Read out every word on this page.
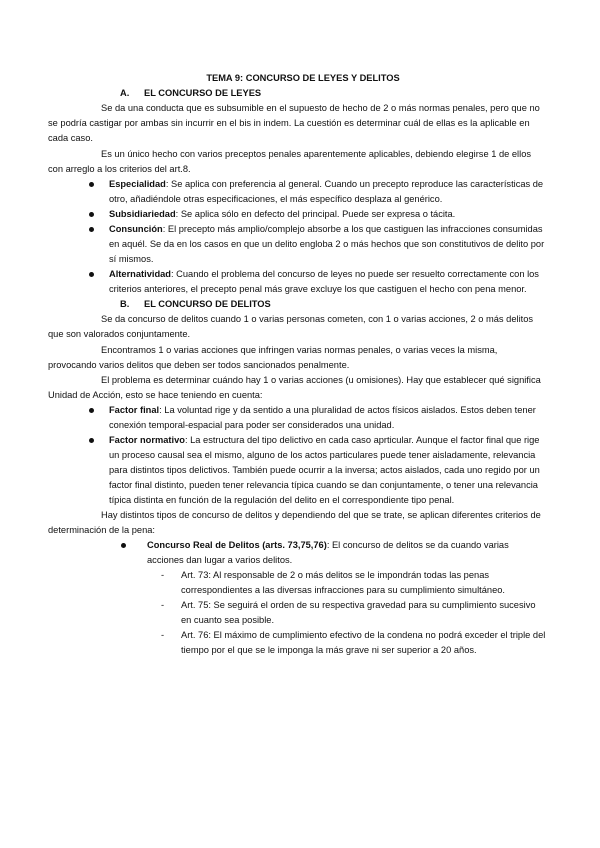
TEMA 9: CONCURSO DE LEYES Y DELITOS

A. EL CONCURSO DE LEYES

Se da una conducta que es subsumible en el supuesto de hecho de 2 o más normas penales, pero que no se podría castigar por ambas sin incurrir en el bis in indem. La cuestión es determinar cuál de ellas es la aplicable en cada caso.

Es un único hecho con varios preceptos penales aparentemente aplicables, debiendo elegirse 1 de ellos con arreglo a los criterios del art.8.

Especialidad: Se aplica con preferencia al general. Cuando un precepto reproduce las características de otro, añadiéndole otras especificaciones, el más específico desplaza al genérico.
Subsidiariedad: Se aplica sólo en defecto del principal. Puede ser expresa o tácita.
Consunción: El precepto más amplio/complejo absorbe a los que castiguen las infracciones consumidas en aquél. Se da en los casos en que un delito engloba 2 o más hechos que son constitutivos de delito por sí mismos.
Alternatividad: Cuando el problema del concurso de leyes no puede ser resuelto correctamente con los criterios anteriores, el precepto penal más grave excluye los que castiguen el hecho con pena menor.

B. EL CONCURSO DE DELITOS

Se da concurso de delitos cuando 1 o varias personas cometen, con 1 o varias acciones, 2 o más delitos que son valorados conjuntamente.

Encontramos 1 o varias acciones que infringen varias normas penales, o varias veces la misma, provocando varios delitos que deben ser todos sancionados penalmente.

El problema es determinar cuándo hay 1 o varias acciones (u omisiones). Hay que establecer qué significa Unidad de Acción, esto se hace teniendo en cuenta:

Factor final: La voluntad rige y da sentido a una pluralidad de actos físicos aislados. Estos deben tener conexión temporal-espacial para poder ser considerados una unidad.
Factor normativo: La estructura del tipo delictivo en cada caso aprticular. Aunque el factor final que rige un proceso causal sea el mismo, alguno de los actos particulares puede tener aisladamente, relevancia para distintos tipos delictivos. También puede ocurrir a la inversa; actos aislados, cada uno regido por un factor final distinto, pueden tener relevancia típica cuando se dan conjuntamente, o tener una relevancia típica distinta en función de la regulación del delito en el correspondiente tipo penal.

Hay distintos tipos de concurso de delitos y dependiendo del que se trate, se aplican diferentes criterios de determinación de la pena:

Concurso Real de Delitos (arts. 73,75,76): El concurso de delitos se da cuando varias acciones dan lugar a varios delitos.
- Art. 73: Al responsable de 2 o más delitos se le impondrán todas las penas correspondientes a las diversas infracciones para su cumplimiento simultáneo.
- Art. 75: Se seguirá el orden de su respectiva gravedad para su cumplimiento sucesivo en cuanto sea posible.
- Art. 76: El máximo de cumplimiento efectivo de la condena no podrá exceder el triple del tiempo por el que se le imponga la más grave ni ser superior a 20 años.
